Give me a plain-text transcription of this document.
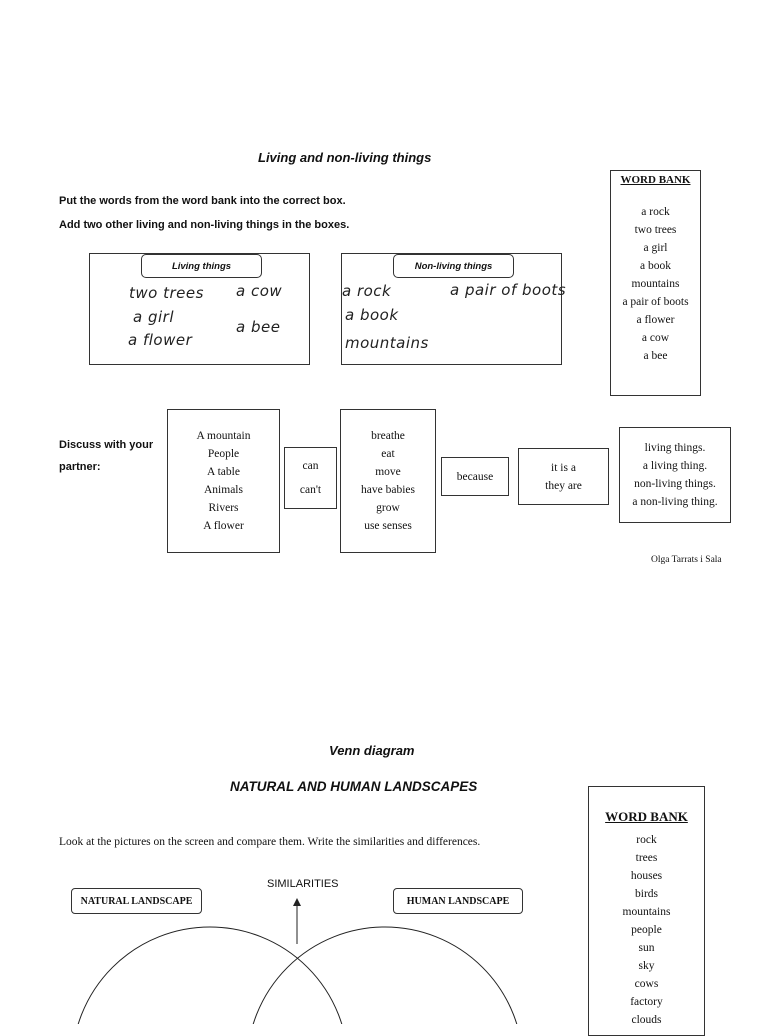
Living and non-living things
Put the words from the word bank into the correct box.
Add two other living and non-living things in the boxes.
WORD BANK
a rock
two trees
a girl
a book
mountains
a pair of boots
a flower
a cow
a bee
Living things
two trees a cow
a girl
a flower
a bee
Non-living things
a rock	a pair of boots
a book
mountains
Discuss with your partner:
A mountain
People
A table
Animals
Rivers
A flower
can
can't
breathe
eat
move
have babies
grow
use senses
because
it is a
they are
living things.
a living thing.
non-living things.
a non-living thing.
Olga Tarrats i Sala
Venn diagram
NATURAL AND HUMAN LANDSCAPES
Look at the pictures on the screen and compare them. Write the similarities and differences.
SIMILARITIES
NATURAL LANDSCAPE	HUMAN LANDSCAPE
WORD BANK
rock
trees
houses
birds
mountains
people
sun
sky
cows
factory
clouds
